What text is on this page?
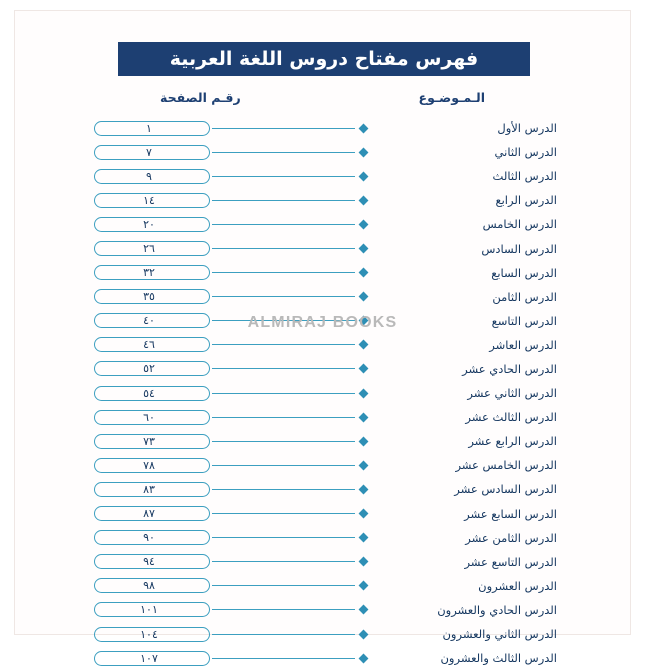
فهرس مفتاح دروس اللغة العربية
الـمـوضـوع
رقـم الصفحة
١	الدرس الأول
٧	الدرس الثاني
٩	الدرس الثالث
١٤	الدرس الرابع
٢٠	الدرس الخامس
٢٦	الدرس السادس
٣٢	الدرس السابع
٣٥	الدرس الثامن
٤٠	الدرس التاسع
٤٦	الدرس العاشر
٥٢	الدرس الحادي عشر
٥٤	الدرس الثاني عشر
٦٠	الدرس الثالث عشر
٧٣	الدرس الرابع عشر
٧٨	الدرس الخامس عشر
٨٣	الدرس السادس عشر
٨٧	الدرس السابع عشر
٩٠	الدرس الثامن عشر
٩٤	الدرس التاسع عشر
٩٨	الدرس العشرون
١٠١	الدرس الحادي والعشرون
١٠٤	الدرس الثاني والعشرون
١٠٧	الدرس الثالث والعشرون
ALMIRAJ BOOKS
